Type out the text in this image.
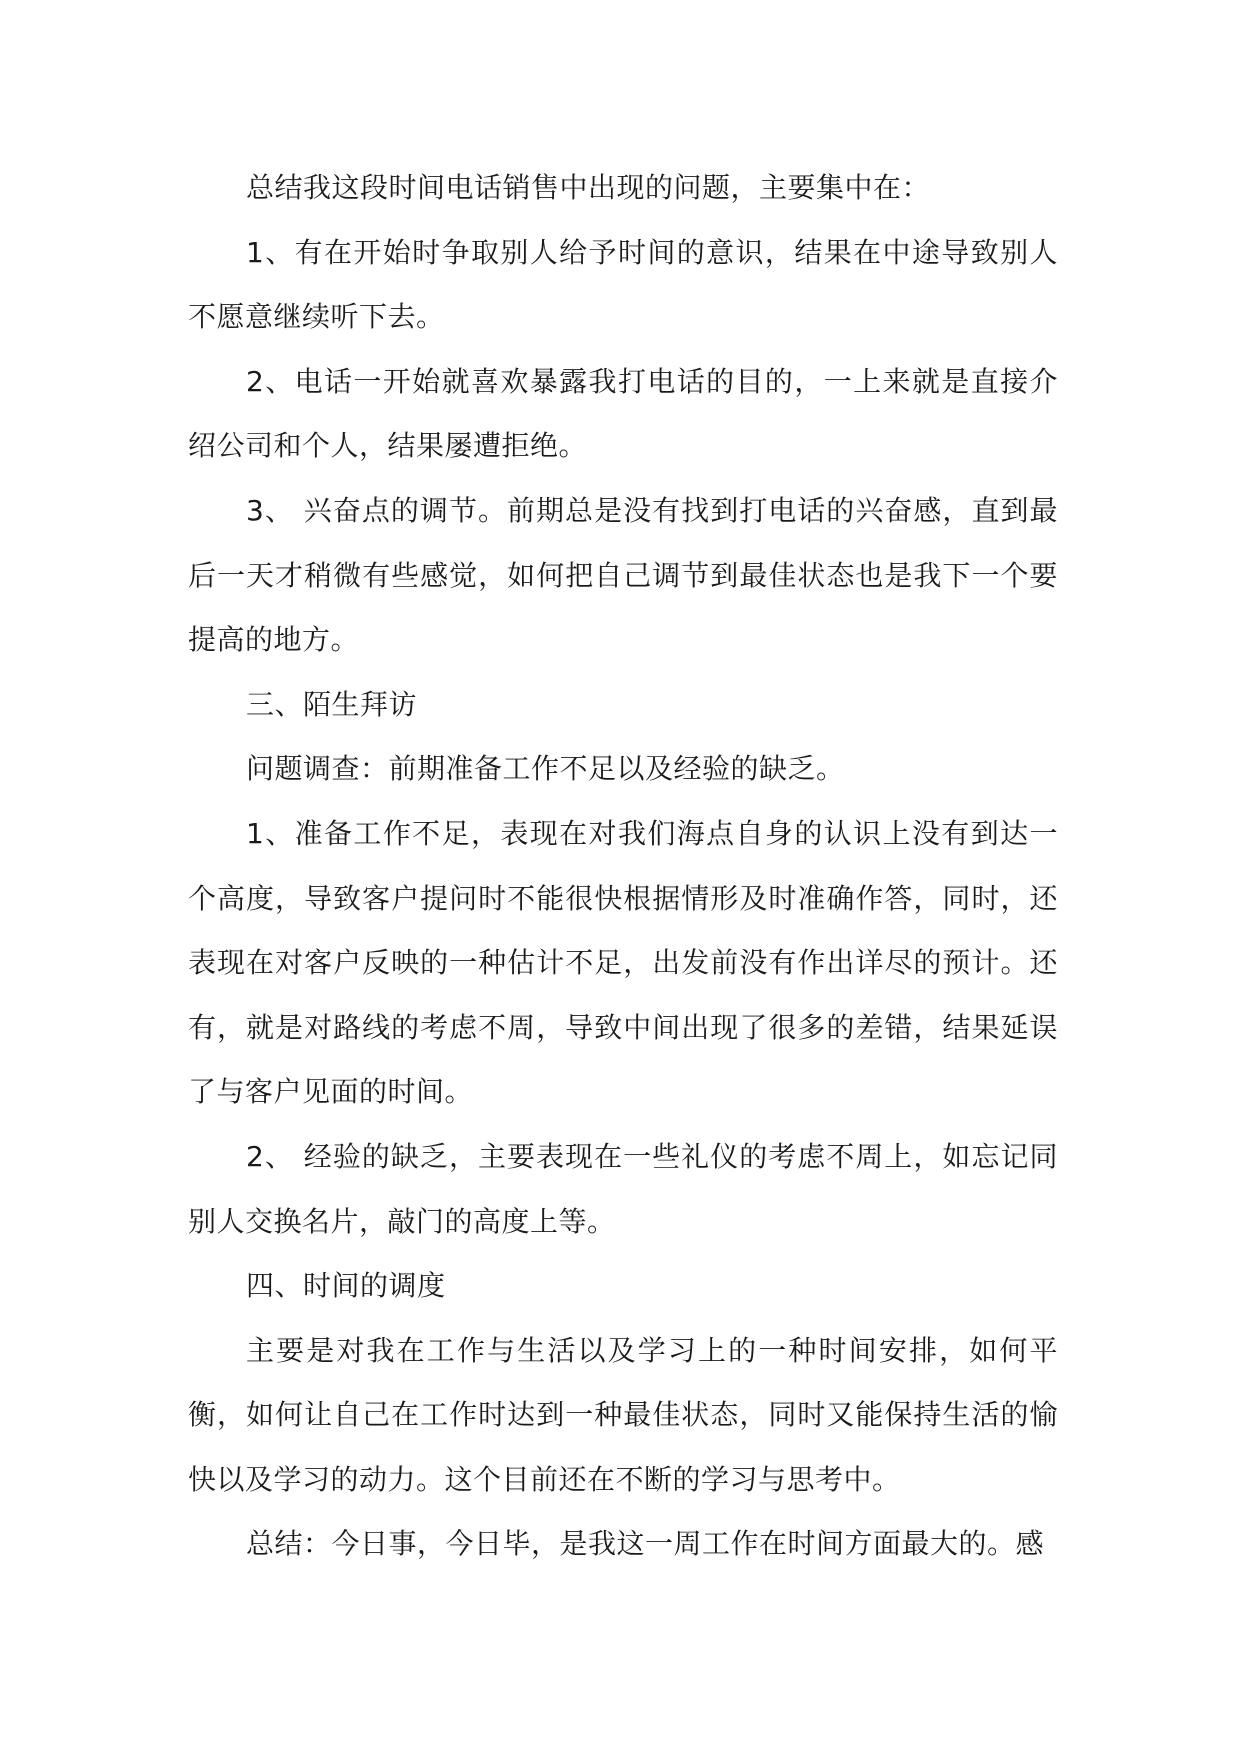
总结我这段时间电话销售中出现的问题，主要集中在：

1、有在开始时争取别人给予时间的意识，结果在中途导致别人不愿意继续听下去。

2、电话一开始就喜欢暴露我打电话的目的，一上来就是直接介绍公司和个人，结果屡遭拒绝。

3、 兴奋点的调节。前期总是没有找到打电话的兴奋感，直到最后一天才稍微有些感觉，如何把自己调节到最佳状态也是我下一个要提高的地方。

三、陌生拜访

问题调查：前期准备工作不足以及经验的缺乏。

1、准备工作不足，表现在对我们海点自身的认识上没有到达一个高度，导致客户提问时不能很快根据情形及时准确作答，同时，还表现在对客户反映的一种估计不足，出发前没有作出详尽的预计。还有，就是对路线的考虑不周，导致中间出现了很多的差错，结果延误了与客户见面的时间。

2、 经验的缺乏，主要表现在一些礼仪的考虑不周上，如忘记同别人交换名片，敲门的高度上等。

四、时间的调度

主要是对我在工作与生活以及学习上的一种时间安排，如何平衡，如何让自己在工作时达到一种最佳状态，同时又能保持生活的愉快以及学习的动力。这个目前还在不断的学习与思考中。

总结：今日事，今日毕，是我这一周工作在时间方面最大的。感
